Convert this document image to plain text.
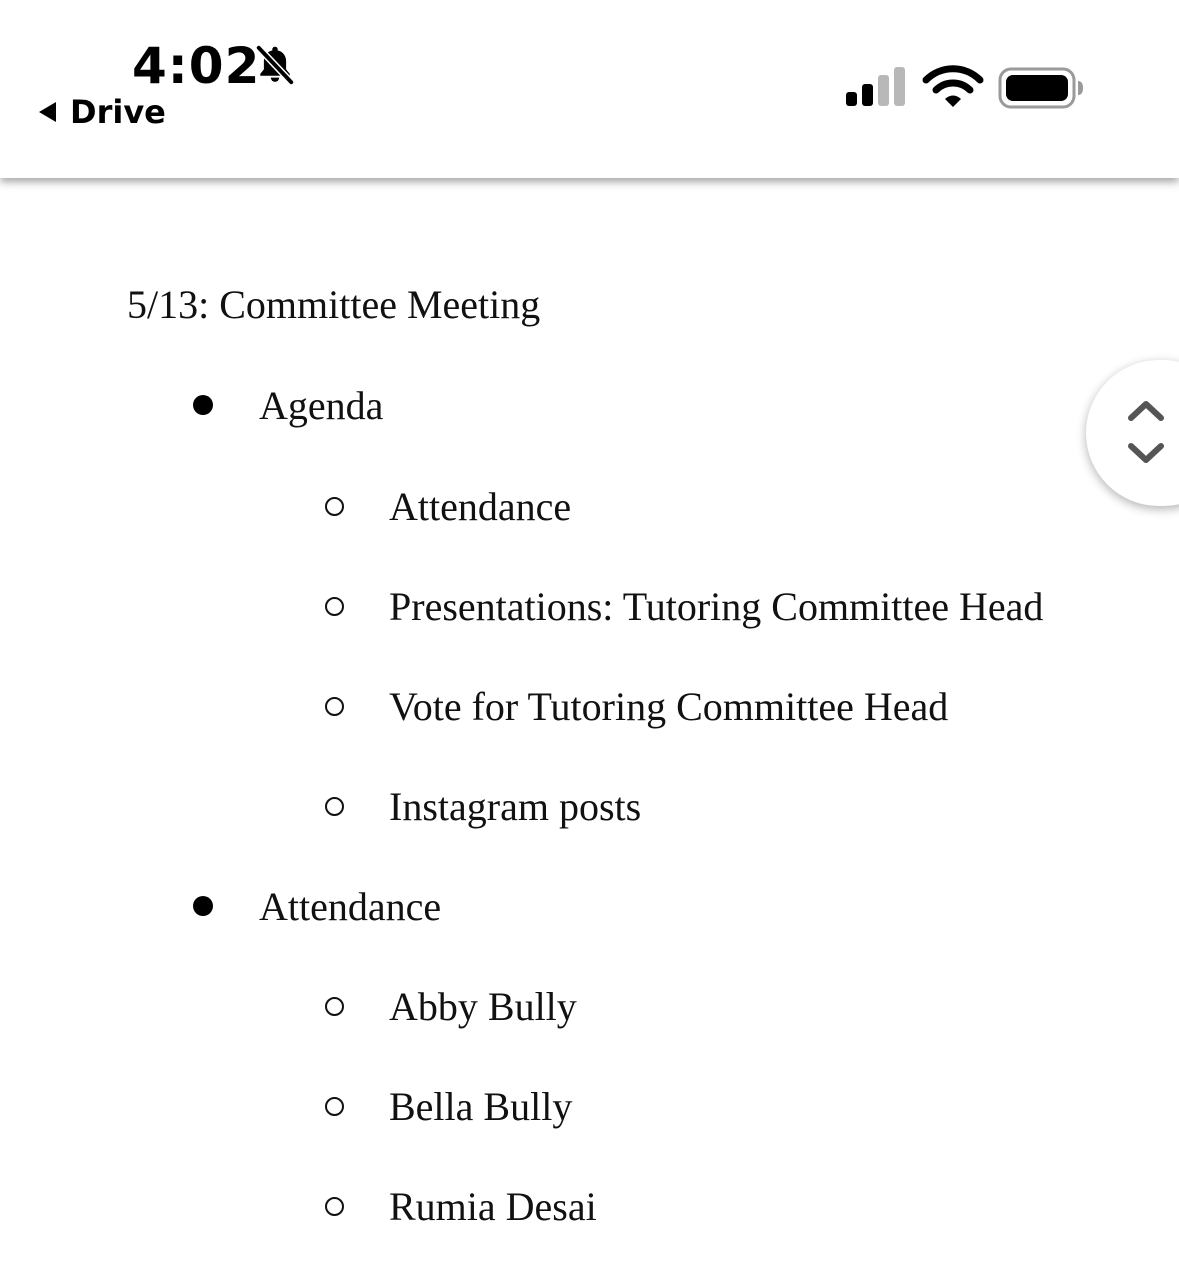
4:02
Drive
5/13: Committee Meeting
Agenda
Attendance
Presentations: Tutoring Committee Head
Vote for Tutoring Committee Head
Instagram posts
Attendance
Abby Bully
Bella Bully
Rumia Desai
